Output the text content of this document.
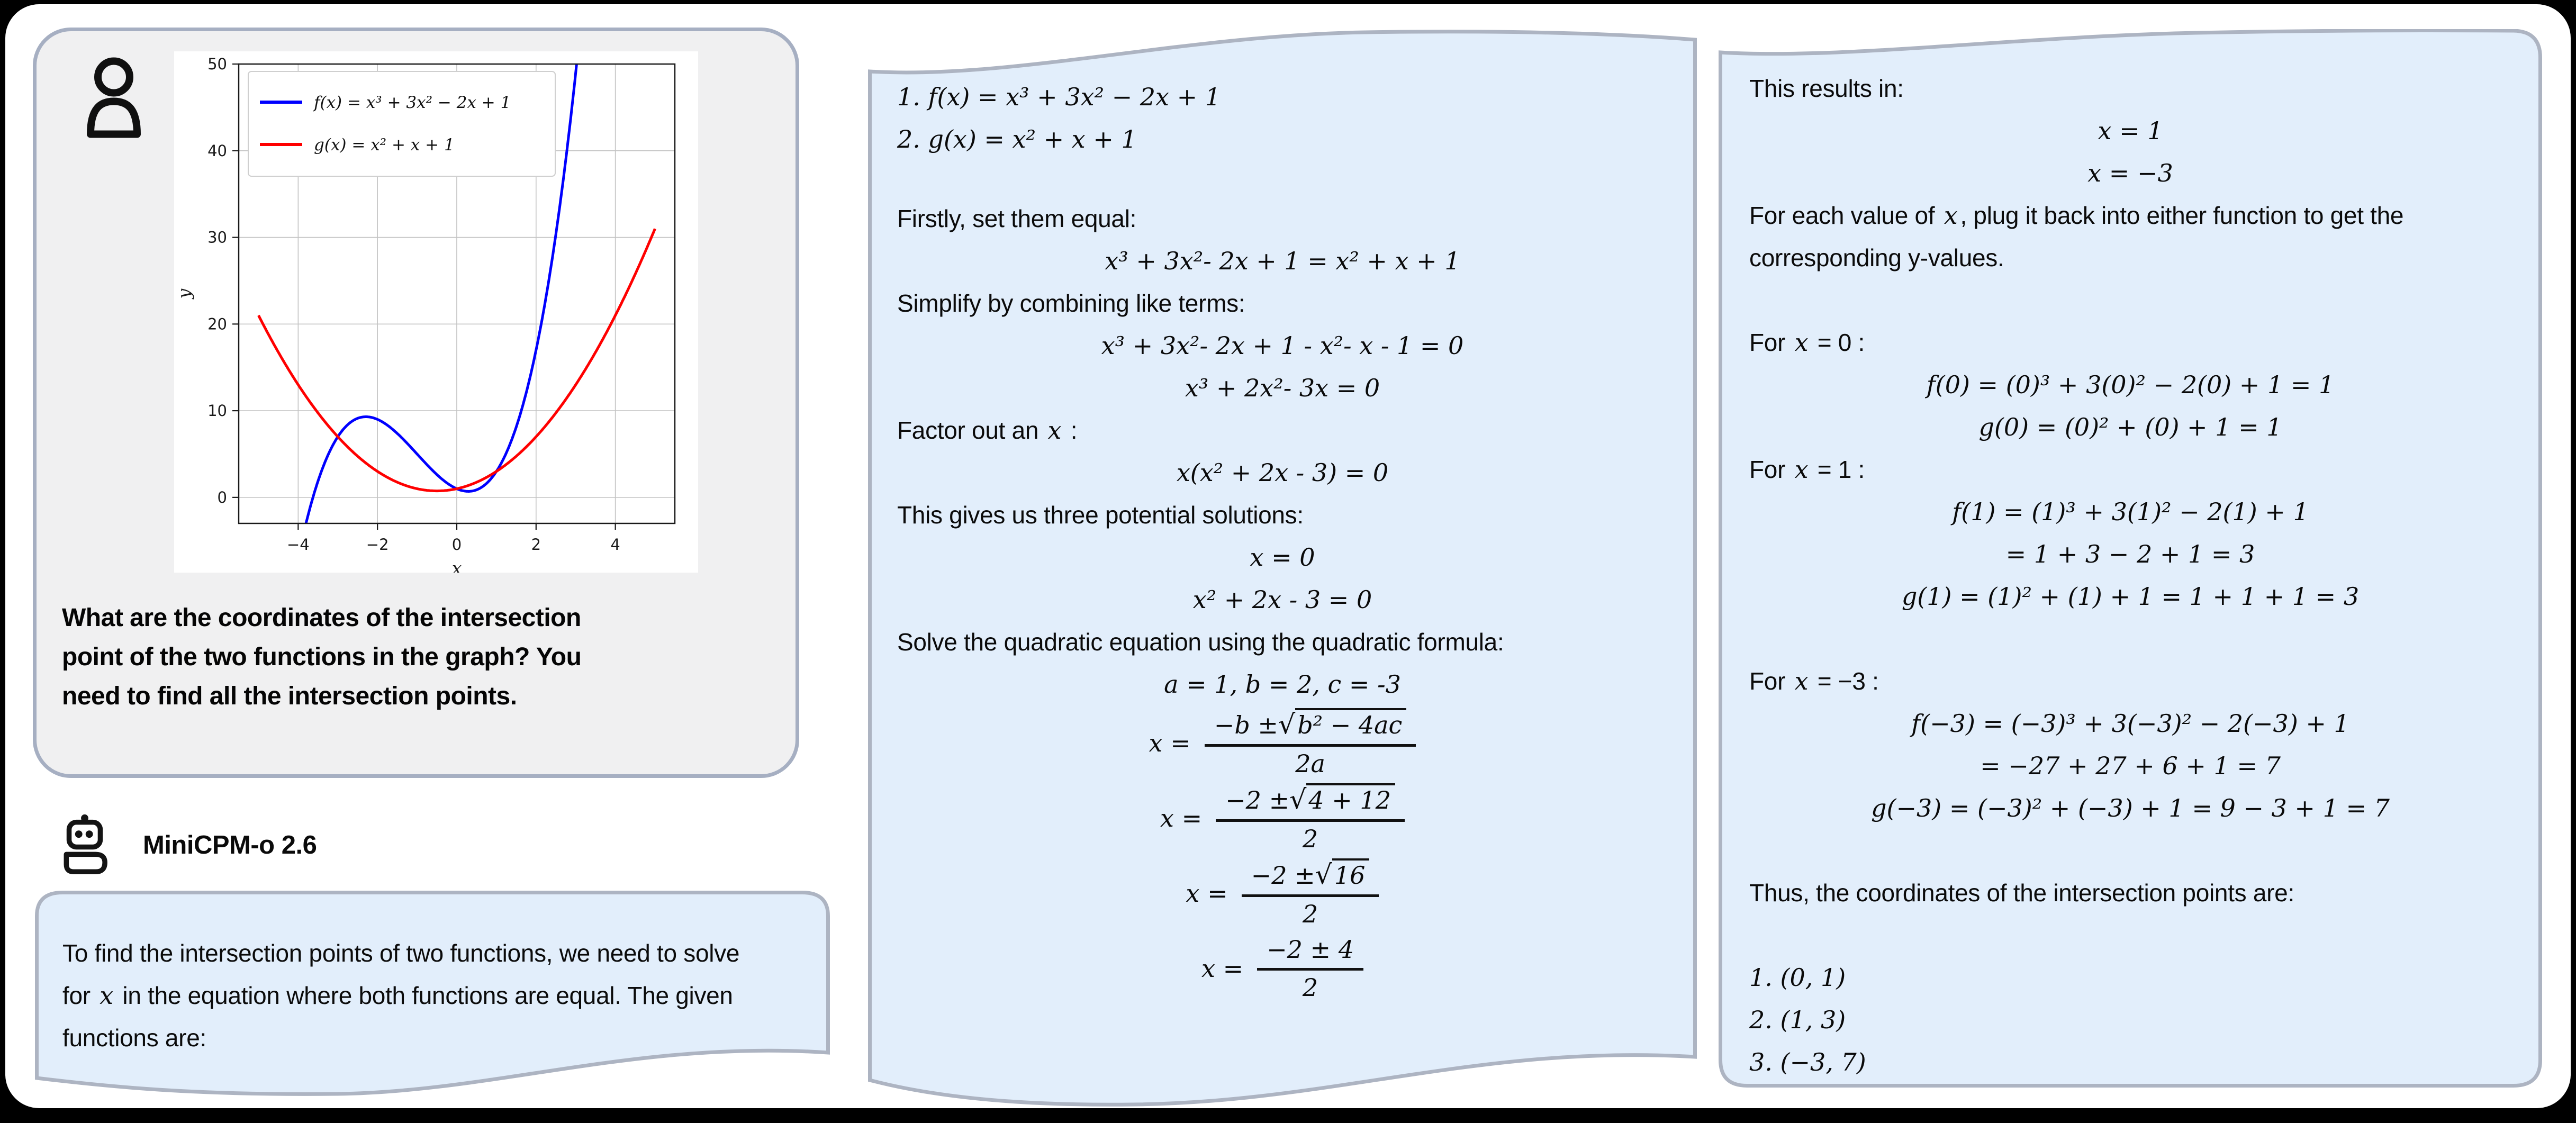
0
10
20
30
40
50
−4	−2	0	2	4
x
y
f(x) = x³ + 3x² − 2x + 1
g(x) = x² + x + 1
What are the coordinates of the intersection point of the two functions in the graph? You need to find all the intersection points.
MiniCPM-o 2.6
To find the intersection points of two functions, we need to solve for x in the equation where both functions are equal. The given functions are:
1. f(x) = x³ + 3x² − 2x + 1
2. g(x) = x² + x + 1
Firstly, set them equal:
x³ + 3x²- 2x + 1 = x² + x + 1
Simplify by combining like terms:
x³ + 3x²- 2x + 1 - x²- x - 1 = 0
x³ + 2x²- 3x = 0
Factor out an x :
x(x² + 2x - 3) = 0
This gives us three potential solutions:
x = 0
x² + 2x - 3 = 0
Solve the quadratic equation using the quadratic formula:
a = 1, b = 2, c = -3
$x = \frac{\text{−b ± √ b² − 4ac}}{2a}$
$x = \frac{-2 \pm √ 4 + 12}{2}$
$x = \frac{-2 \pm √ 16}{2}$
$x = \frac{-2 \pm 4}{2}$
This results in:
x = 1
x = −3
For each value of x , plug it back into either function to get the corresponding y-values.
For x = 0 :
f(0) = (0)³ + 3(0)² − 2(0) + 1 = 1
g(0) = (0)² + (0) + 1 = 1
For x = 1 :
f(1) = (1)³ + 3(1)² − 2(1) + 1
= 1 + 3 − 2 + 1 = 3
g(1) = (1)² + (1) + 1 = 1 + 1 + 1 = 3
For x = −3 :
f(−3) = (−3)³ + 3(−3)² − 2(−3) + 1
= −27 + 27 + 6 + 1 = 7
g(−3) = (−3)² + (−3) + 1 = 9 − 3 + 1 = 7
Thus, the coordinates of the intersection points are:
1. (0, 1)
2. (1, 3)
3. (−3, 7)
